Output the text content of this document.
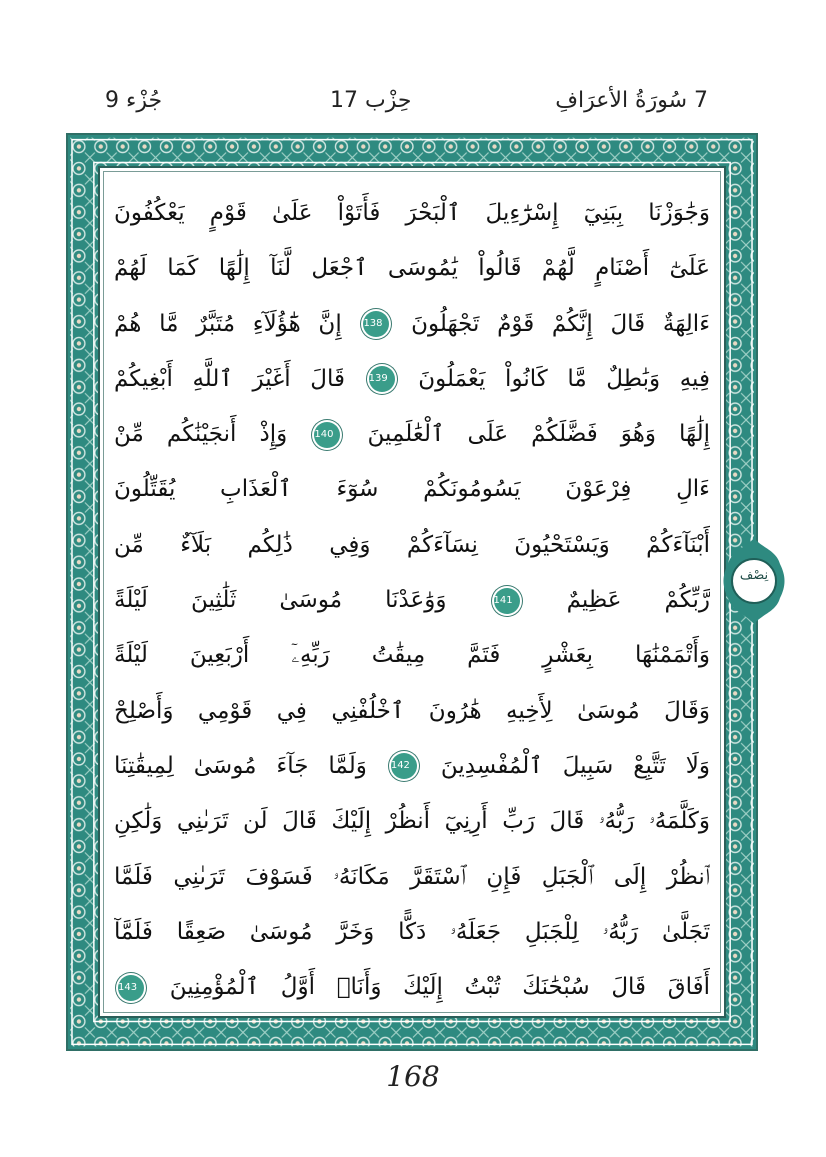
جُزْء 9	حِزْب 17	7 سُورَةُ الأعرَافِ
وَجَٰوَزْنَا بِبَنِيٓ إِسْرَٰٓءِيلَ ٱلْبَحْرَ فَأَتَوْاْ عَلَىٰ قَوْمٍ يَعْكُفُونَ
عَلَىٰٓ أَصْنَامٍ لَّهُمْ قَالُواْ يَٰمُوسَى ٱجْعَل لَّنَآ إِلَٰهًا كَمَا لَهُمْ
ءَالِهَةٌ قَالَ إِنَّكُمْ قَوْمٌ تَجْهَلُونَ 138 إِنَّ هَٰٓؤُلَآءِ مُتَبَّرٌ مَّا هُمْ
فِيهِ وَبَٰطِلٌ مَّا كَانُواْ يَعْمَلُونَ 139 قَالَ أَغَيْرَ ٱللَّهِ أَبْغِيكُمْ
إِلَٰهًا وَهُوَ فَضَّلَكُمْ عَلَى ٱلْعَٰلَمِينَ 140 وَإِذْ أَنجَيْنَٰكُم مِّنْ
ءَالِ فِرْعَوْنَ يَسُومُونَكُمْ سُوٓءَ ٱلْعَذَابِ يُقَتِّلُونَ
أَبْنَآءَكُمْ وَيَسْتَحْيُونَ نِسَآءَكُمْ وَفِي ذَٰلِكُم بَلَآءٌ مِّن
رَّبِّكُمْ عَظِيمٌ 141 وَوَٰعَدْنَا مُوسَىٰ ثَلَٰثِينَ لَيْلَةً
وَأَتْمَمْنَٰهَا بِعَشْرٍ فَتَمَّ مِيقَٰتُ رَبِّهِۦٓ أَرْبَعِينَ لَيْلَةً
وَقَالَ مُوسَىٰ لِأَخِيهِ هَٰرُونَ ٱخْلُفْنِي فِي قَوْمِي وَأَصْلِحْ
وَلَا تَتَّبِعْ سَبِيلَ ٱلْمُفْسِدِينَ 142 وَلَمَّا جَآءَ مُوسَىٰ لِمِيقَٰتِنَا
وَكَلَّمَهُۥ رَبُّهُۥ قَالَ رَبِّ أَرِنِيٓ أَنظُرْ إِلَيْكَ قَالَ لَن تَرَىٰنِي وَلَٰكِنِ
ٱنظُرْ إِلَى ٱلْجَبَلِ فَإِنِ ٱسْتَقَرَّ مَكَانَهُۥ فَسَوْفَ تَرَىٰنِي فَلَمَّا
تَجَلَّىٰ رَبُّهُۥ لِلْجَبَلِ جَعَلَهُۥ دَكًّا وَخَرَّ مُوسَىٰ صَعِقًا فَلَمَّآ
أَفَاقَ قَالَ سُبْحَٰنَكَ تُبْتُ إِلَيْكَ وَأَنَا۠ أَوَّلُ ٱلْمُؤْمِنِينَ 143
نِصْف
168
